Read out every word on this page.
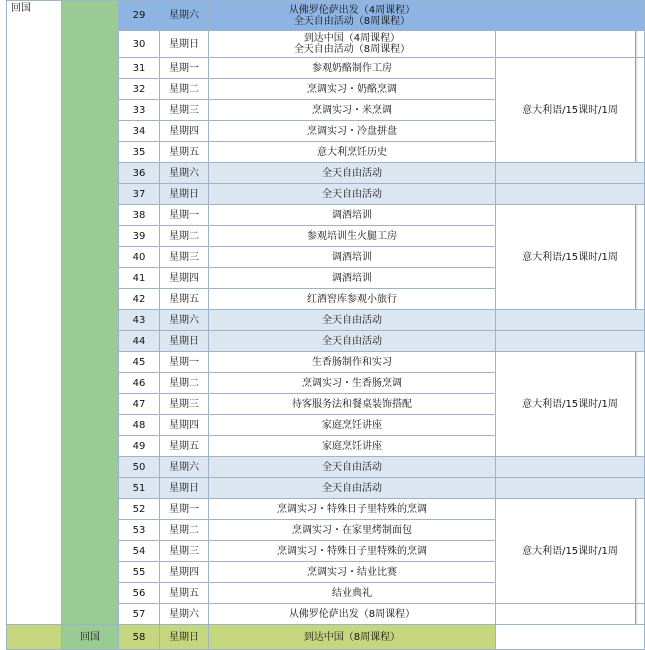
回国		29	星期六	从佛罗伦萨出发（4周课程）
全天自由活动（8周课程）	

		30	星期日	到达中国（4周课程）
全天自由活动（8周课程）	

		31	星期一	参观奶酪制作工房	意大利语/15课时/1周
		32	星期二	烹调实习・奶酪烹调	

		33	星期三	烹调实习・米烹调	

		34	星期四	烹调实习・冷盘拼盘	

		35	星期五	意大利烹饪历史	

		36	星期六	全天自由活动	

		37	星期日	全天自由活动	

		38	星期一	调酒培训	意大利语/15课时/1周
		39	星期二	参观培训生火腿工房	

		40	星期三	调酒培训	

		41	星期四	调酒培训	

		42	星期五	红酒窖库参观小旅行	

		43	星期六	全天自由活动	

		44	星期日	全天自由活动	

		45	星期一	生香肠制作和实习	意大利语/15课时/1周
		46	星期二	烹调实习・生香肠烹调	

		47	星期三	待客服务法和餐桌装饰搭配	

		48	星期四	家庭烹饪讲座	

		49	星期五	家庭烹饪讲座	

		50	星期六	全天自由活动	

		51	星期日	全天自由活动	

		52	星期一	烹调实习・特殊日子里特殊的烹调	意大利语/15课时/1周
		53	星期二	烹调实习・在家里烤制面包	

		54	星期三	烹调实习・特殊日子里特殊的烹调	

		55	星期四	烹调实习・结业比赛	

		56	星期五	结业典礼	

		57	星期六	从佛罗伦萨出发（8周课程）	

	回国	58	星期日	到达中国（8周课程）	
